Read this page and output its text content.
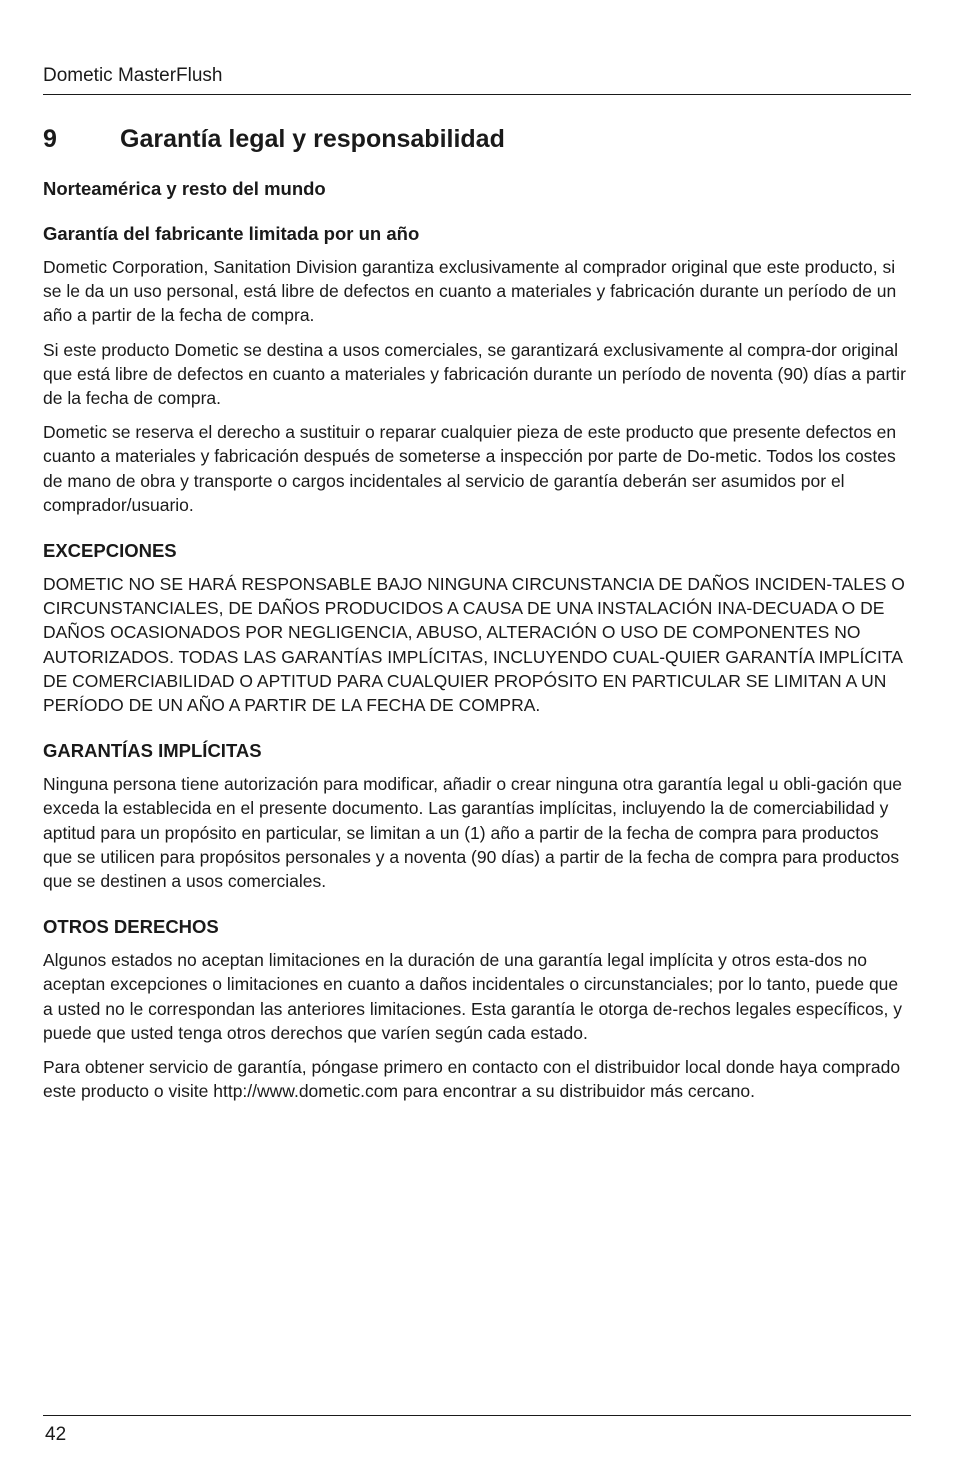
Dometic MasterFlush
9	Garantía legal y responsabilidad
Norteamérica y resto del mundo
Garantía del fabricante limitada por un año

Dometic Corporation, Sanitation Division garantiza exclusivamente al comprador original que este producto, si se le da un uso personal, está libre de defectos en cuanto a materiales y fabricación durante un período de un año a partir de la fecha de compra.

Si este producto Dometic se destina a usos comerciales, se garantizará exclusivamente al compra-dor original que está libre de defectos en cuanto a materiales y fabricación durante un período de noventa (90) días a partir de la fecha de compra.

Dometic se reserva el derecho a sustituir o reparar cualquier pieza de este producto que presente defectos en cuanto a materiales y fabricación después de someterse a inspección por parte de Do-metic. Todos los costes de mano de obra y transporte o cargos incidentales al servicio de garantía deberán ser asumidos por el comprador/usuario.

EXCEPCIONES

DOMETIC NO SE HARÁ RESPONSABLE BAJO NINGUNA CIRCUNSTANCIA DE DAÑOS INCIDEN-TALES O CIRCUNSTANCIALES, DE DAÑOS PRODUCIDOS A CAUSA DE UNA INSTALACIÓN INA-DECUADA O DE DAÑOS OCASIONADOS POR NEGLIGENCIA, ABUSO, ALTERACIÓN O USO DE COMPONENTES NO AUTORIZADOS. TODAS LAS GARANTÍAS IMPLÍCITAS, INCLUYENDO CUAL-QUIER GARANTÍA IMPLÍCITA DE COMERCIABILIDAD O APTITUD PARA CUALQUIER PROPÓSITO EN PARTICULAR SE LIMITAN A UN PERÍODO DE UN AÑO A PARTIR DE LA FECHA DE COMPRA.

GARANTÍAS IMPLÍCITAS

Ninguna persona tiene autorización para modificar, añadir o crear ninguna otra garantía legal u obli-gación que exceda la establecida en el presente documento. Las garantías implícitas, incluyendo la de comerciabilidad y aptitud para un propósito en particular, se limitan a un (1) año a partir de la fecha de compra para productos que se utilicen para propósitos personales y a noventa (90 días) a partir de la fecha de compra para productos que se destinen a usos comerciales.

OTROS DERECHOS

Algunos estados no aceptan limitaciones en la duración de una garantía legal implícita y otros esta-dos no aceptan excepciones o limitaciones en cuanto a daños incidentales o circunstanciales; por lo tanto, puede que a usted no le correspondan las anteriores limitaciones. Esta garantía le otorga de-rechos legales específicos, y puede que usted tenga otros derechos que varíen según cada estado.

Para obtener servicio de garantía, póngase primero en contacto con el distribuidor local donde haya comprado este producto o visite http://www.dometic.com para encontrar a su distribuidor más cercano.

42
